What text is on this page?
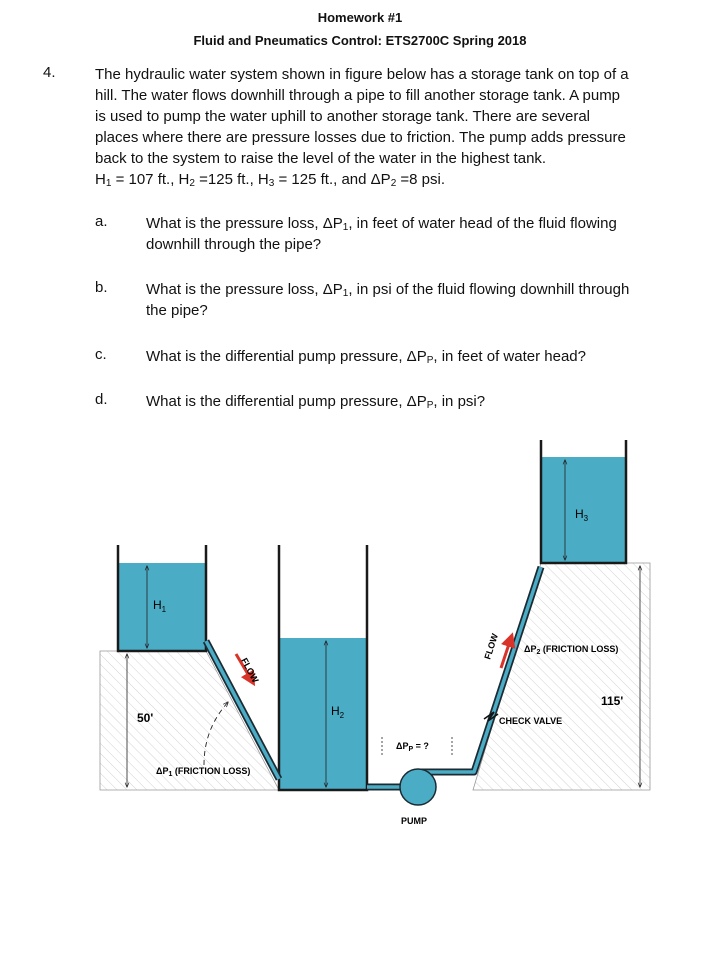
Homework #1
Fluid and Pneumatics Control: ETS2700C Spring 2018
4.	The hydraulic water system shown in figure below has a storage tank on top of a

hill. The water flows downhill through a pipe to fill another storage tank. A pump

is used to pump the water uphill to another storage tank. There are several

places where there are pressure losses due to friction. The pump adds pressure

back to the system to raise the level of the water in the highest tank.

$H_1 = 107$ ft., $H_2 =125$ ft., $H_3 = 125$ ft., and $\Delta P_2 =8$ psi.

a.	What is the pressure loss, $\Delta P_1$, in feet of water head of the fluid flowing
downhill through the pipe?
b.	What is the pressure loss, $\Delta P_1$, in psi of the fluid flowing downhill through
the pipe?
c.	What is the differential pump pressure, $\Delta P_P$, in feet of water head?
d.	What is the differential pump pressure, $\Delta P_P$, in psi?
$H_1$
$H_2$
$H_3$
50'
115'
$\Delta P_1$ (FRICTION LOSS)
$\Delta P_2$ (FRICTION LOSS)
$\Delta P_P$ = ?
CHECK VALVE
PUMP
FLOW
FLOW
